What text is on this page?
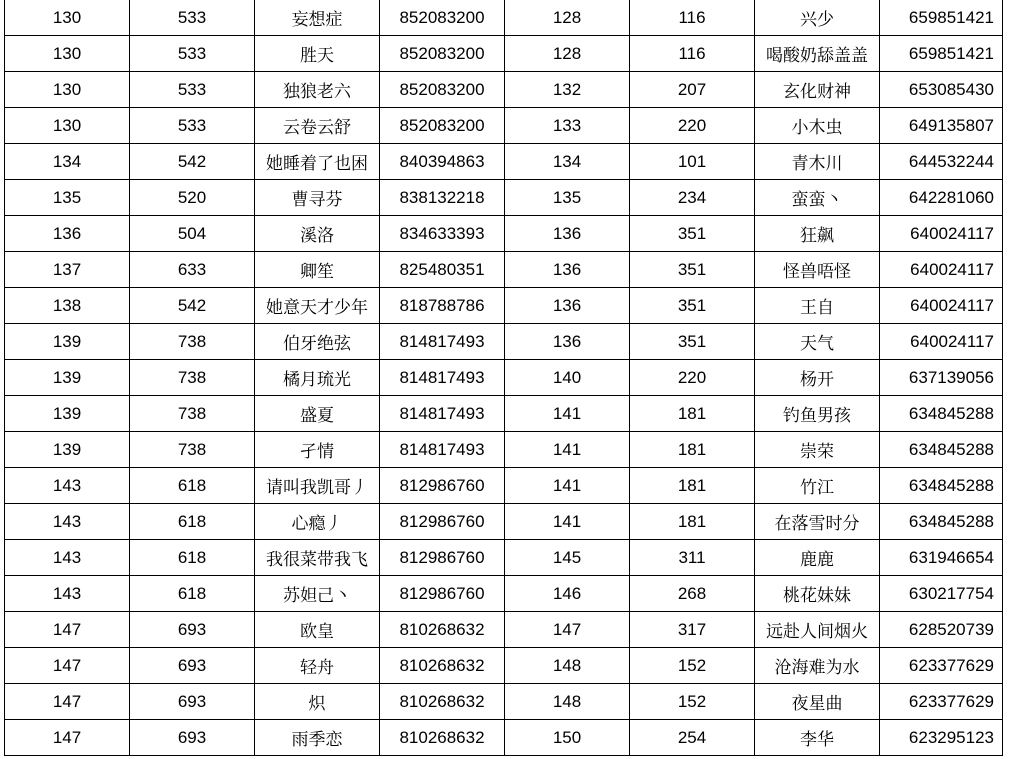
130	533	妄想症	852083200	128	116	兴少	659851421
130	533	胜天	852083200	128	116	喝酸奶舔盖盖	659851421
130	533	独狼老六	852083200	132	207	玄化财神	653085430
130	533	云卷云舒	852083200	133	220	小木虫	649135807
134	542	她睡着了也困	840394863	134	101	青木川	644532244
135	520	曹寻芬	838132218	135	234	蛮蛮丶	642281060
136	504	溪洛	834633393	136	351	狂飙	640024117
137	633	卿笙	825480351	136	351	怪兽唔怪	640024117
138	542	她意天才少年	818788786	136	351	王自	640024117
139	738	伯牙绝弦	814817493	136	351	天气	640024117
139	738	橘月琉光	814817493	140	220	杨开	637139056
139	738	盛夏	814817493	141	181	钓鱼男孩	634845288
139	738	孑情	814817493	141	181	崇荣	634845288
143	618	请叫我凯哥丿	812986760	141	181	竹江	634845288
143	618	心瘾丿	812986760	141	181	在落雪时分	634845288
143	618	我很菜带我飞	812986760	145	311	鹿鹿	631946654
143	618	苏妲己丶	812986760	146	268	桃花妹妹	630217754
147	693	欧皇	810268632	147	317	远赴人间烟火	628520739
147	693	轻舟	810268632	148	152	沧海难为水	623377629
147	693	炽	810268632	148	152	夜星曲	623377629
147	693	雨季恋	810268632	150	254	李华	623295123
